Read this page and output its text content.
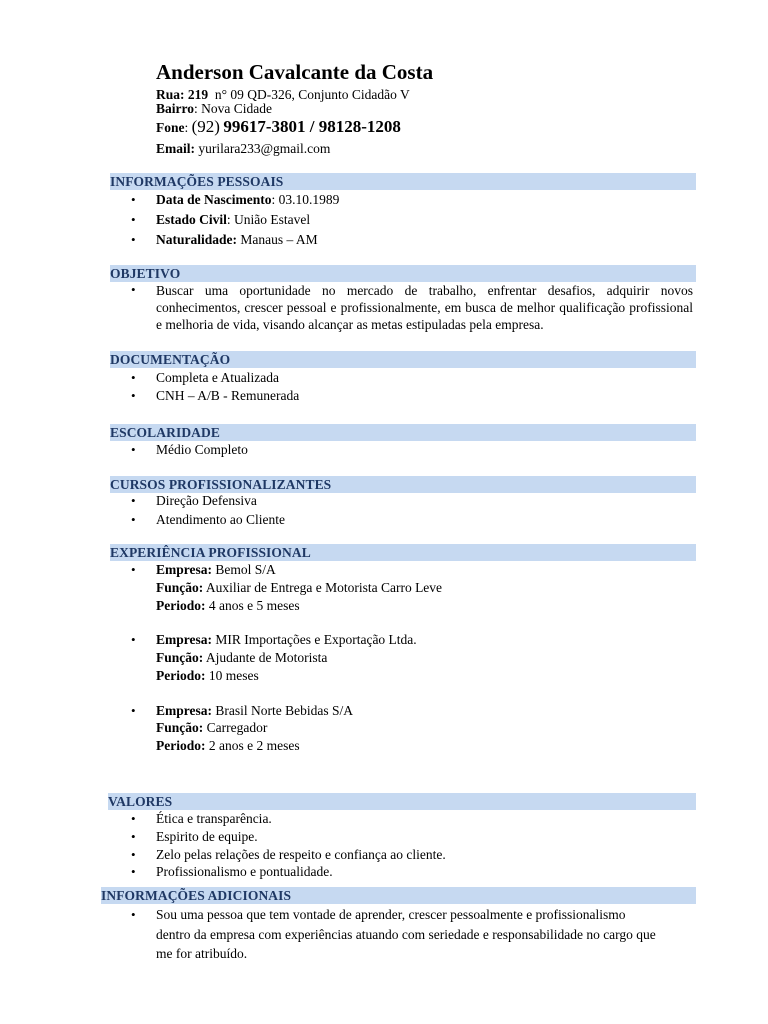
Anderson Cavalcante da Costa
Rua: 219 n° 09 QD-326, Conjunto Cidadão V
Bairro: Nova Cidade
Fone: (92) 99617-3801 / 98128-1208
Email: yurilara233@gmail.com
INFORMAÇÕES PESSOAIS
• Data de Nascimento: 03.10.1989
• Estado Civil: União Estavel
• Naturalidade: Manaus – AM
OBJETIVO
• Buscar uma oportunidade no mercado de trabalho, enfrentar desafios, adquirir novos conhecimentos, crescer pessoal e profissionalmente, em busca de melhor qualificação profissional e melhoria de vida, visando alcançar as metas estipuladas pela empresa.
DOCUMENTAÇÃO
• Completa e Atualizada
• CNH – A/B - Remunerada
ESCOLARIDADE
• Médio Completo
CURSOS PROFISSIONALIZANTES
• Direção Defensiva
• Atendimento ao Cliente
EXPERIÊNCIA PROFISSIONAL
• Empresa: Bemol S/A
Função: Auxiliar de Entrega e Motorista Carro Leve
Periodo: 4 anos e 5 meses
• Empresa: MIR Importações e Exportação Ltda.
Função: Ajudante de Motorista
Periodo: 10 meses
• Empresa: Brasil Norte Bebidas S/A
Função: Carregador
Periodo: 2 anos e 2 meses
VALORES
• Ética e transparência.
• Espirito de equipe.
• Zelo pelas relações de respeito e confiança ao cliente.
• Profissionalismo e pontualidade.
INFORMAÇÕES ADICIONAIS
• Sou uma pessoa que tem vontade de aprender, crescer pessoalmente e profissionalismo dentro da empresa com experiências atuando com seriedade e responsabilidade no cargo que me for atribuído.
